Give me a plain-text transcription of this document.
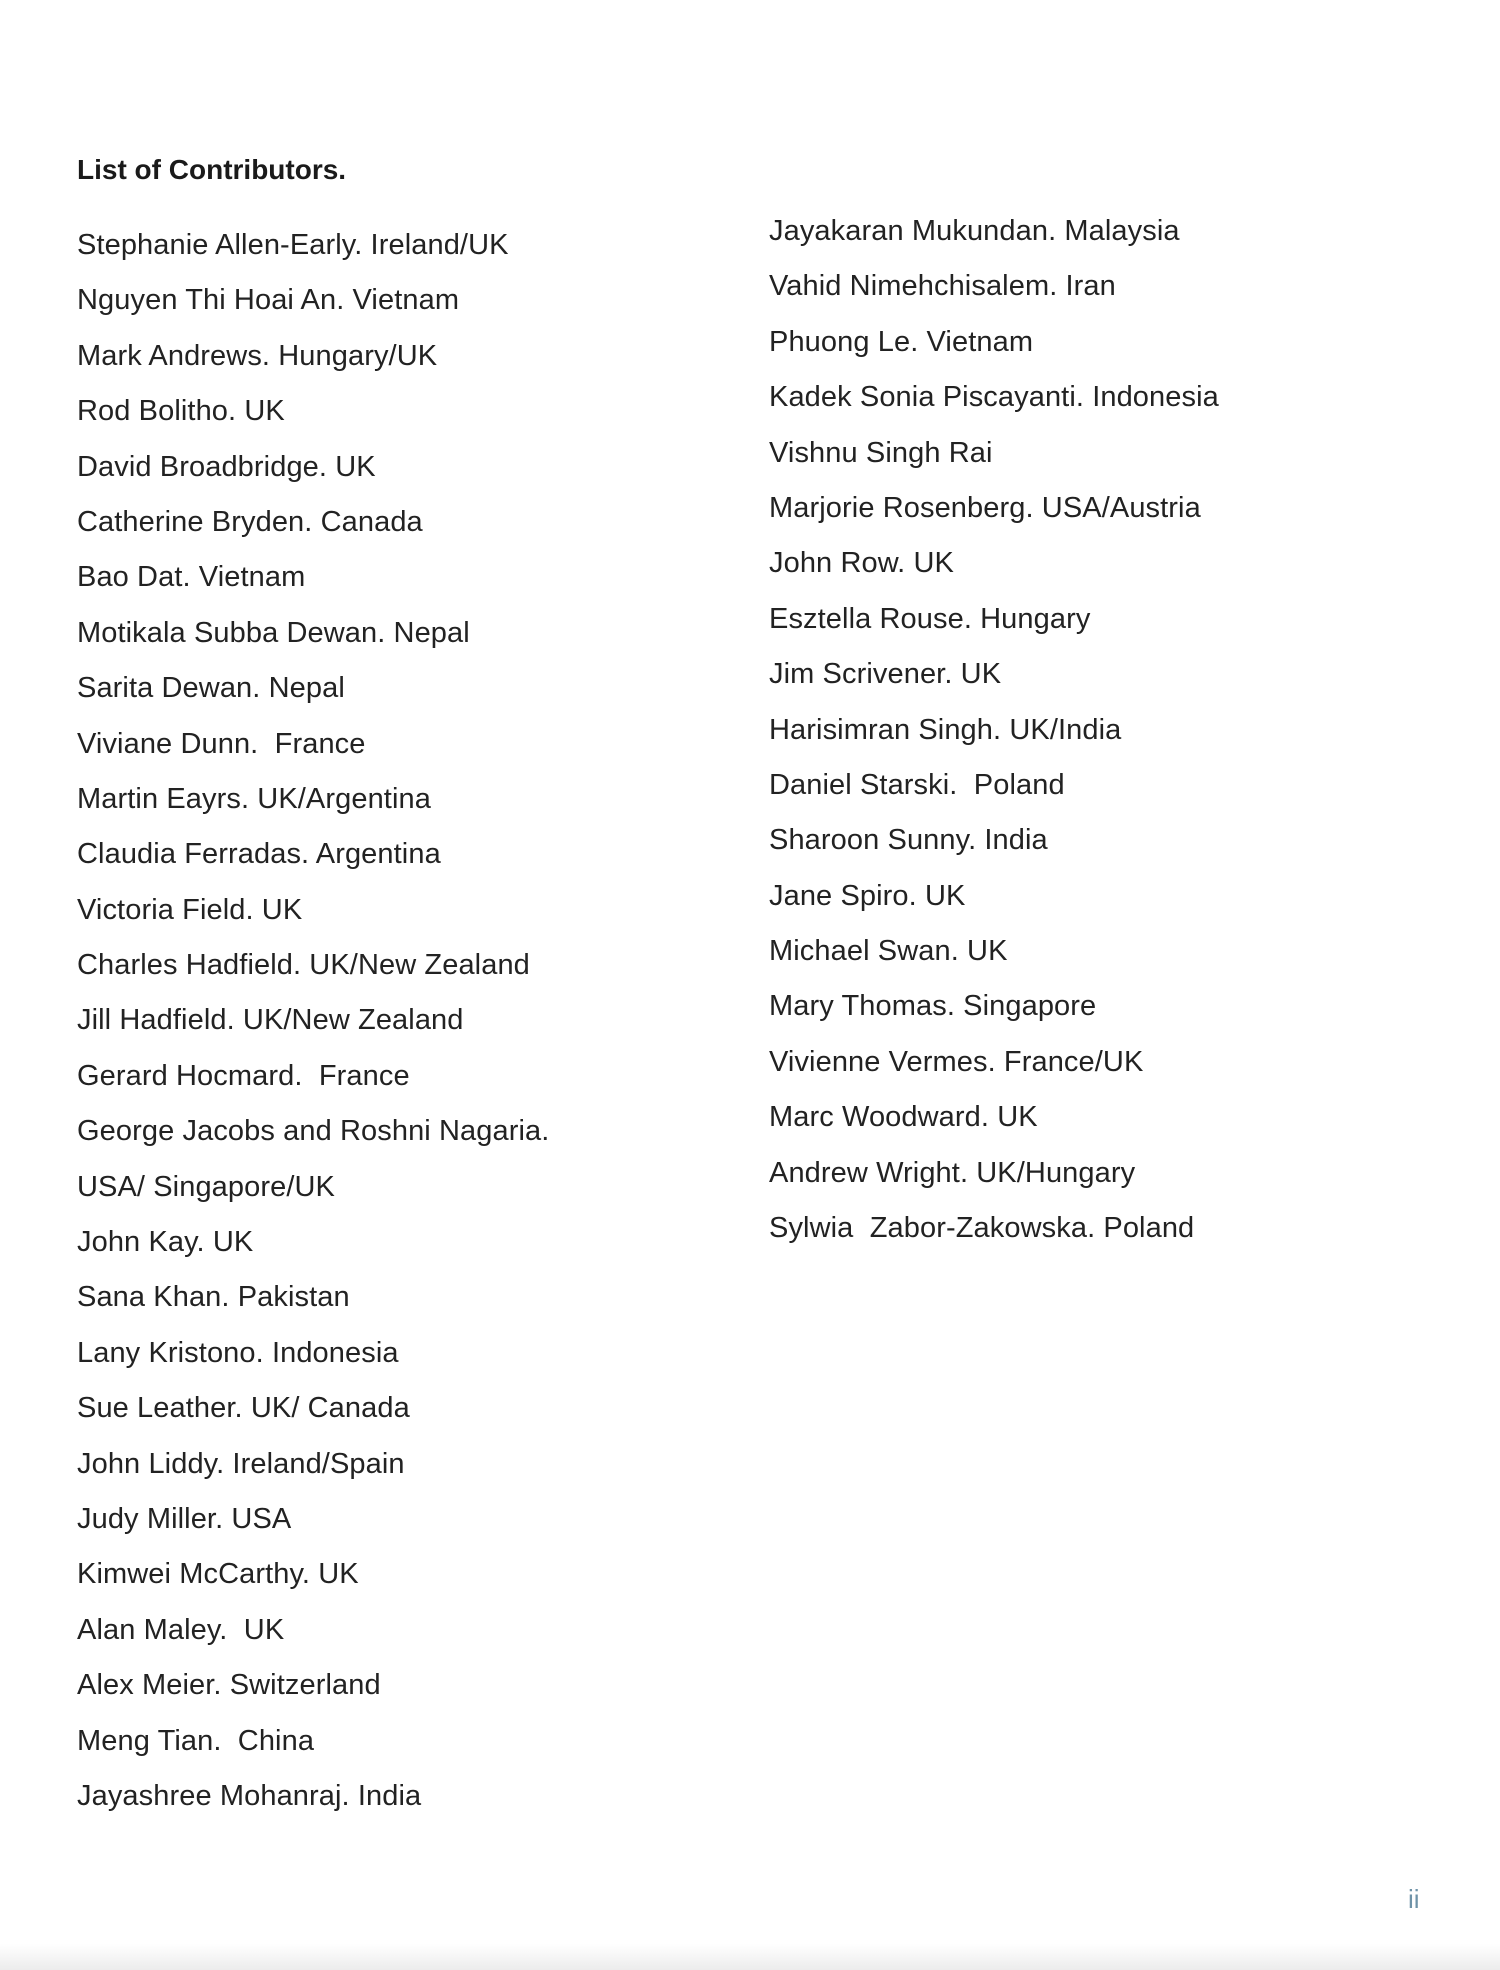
List of Contributors.
Stephanie Allen-Early. Ireland/UK
Nguyen Thi Hoai An. Vietnam
Mark Andrews. Hungary/UK
Rod Bolitho. UK
David Broadbridge. UK
Catherine Bryden. Canada
Bao Dat. Vietnam
Motikala Subba Dewan. Nepal
Sarita Dewan. Nepal
Viviane Dunn.  France
Martin Eayrs. UK/Argentina
Claudia Ferradas. Argentina
Victoria Field. UK
Charles Hadfield. UK/New Zealand
Jill Hadfield. UK/New Zealand
Gerard Hocmard.  France
George Jacobs and Roshni Nagaria.
USA/ Singapore/UK
John Kay. UK
Sana Khan. Pakistan
Lany Kristono. Indonesia
Sue Leather. UK/ Canada
John Liddy. Ireland/Spain
Judy Miller. USA
Kimwei McCarthy. UK
Alan Maley.  UK
Alex Meier. Switzerland
Meng Tian.  China
Jayashree Mohanraj. India
Jayakaran Mukundan. Malaysia
Vahid Nimehchisalem. Iran
Phuong Le. Vietnam
Kadek Sonia Piscayanti. Indonesia
Vishnu Singh Rai
Marjorie Rosenberg. USA/Austria
John Row. UK
Esztella Rouse. Hungary
Jim Scrivener. UK
Harisimran Singh. UK/India
Daniel Starski.  Poland
Sharoon Sunny. India
Jane Spiro. UK
Michael Swan. UK
Mary Thomas. Singapore
Vivienne Vermes. France/UK
Marc Woodward. UK
Andrew Wright. UK/Hungary
Sylwia  Zabor-Zakowska. Poland
ii
